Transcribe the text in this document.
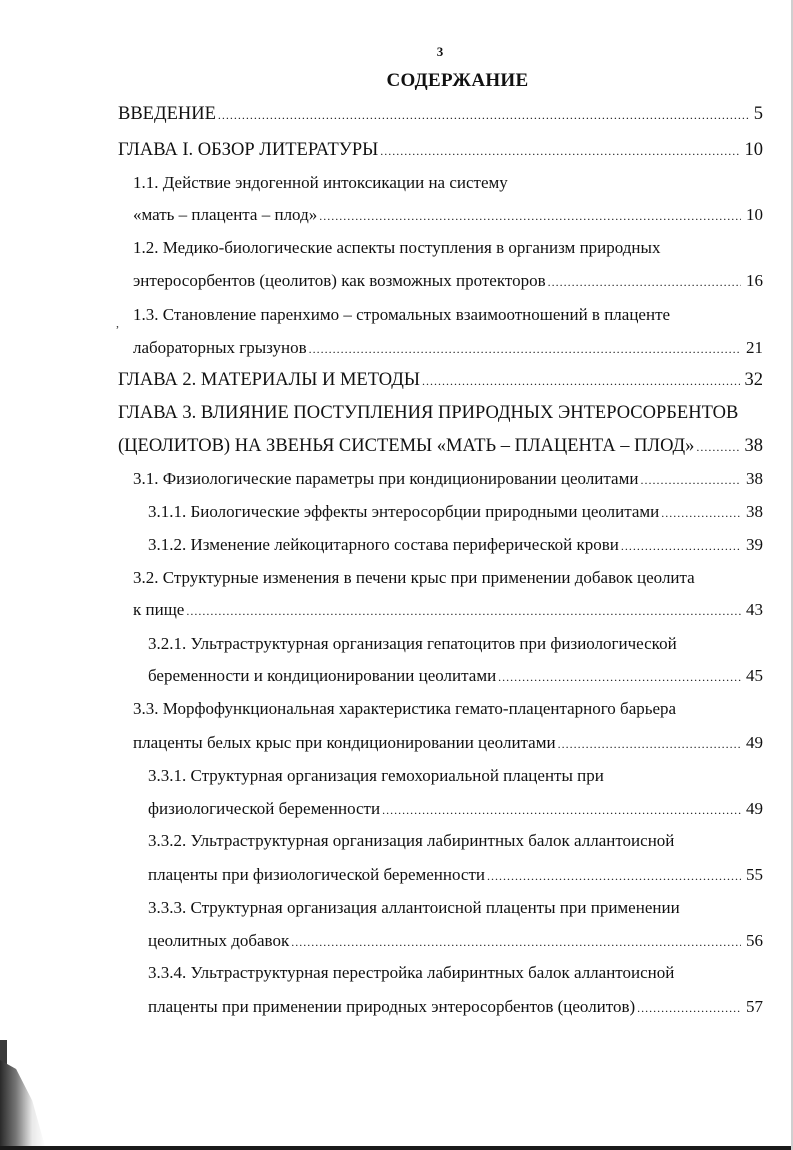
3
СОДЕРЖАНИЕ
ВВЕДЕНИЕ .....	5
ГЛАВА I. ОБЗОР ЛИТЕРАТУРЫ .....	10
1.1. Действие эндогенной интоксикации на систему
«мать – плацента – плод» .....	10
1.2. Медико-биологические аспекты поступления в организм природных
энтеросорбентов (цеолитов) как возможных протекторов .....	16
, 1.3. Становление паренхимо – стромальных взаимоотношений в плаценте
лабораторных грызунов .....	21
ГЛАВА 2. МАТЕРИАЛЫ И МЕТОДЫ .....	32
ГЛАВА 3. ВЛИЯНИЕ ПОСТУПЛЕНИЯ ПРИРОДНЫХ ЭНТЕРОСОРБЕНТОВ
(ЦЕОЛИТОВ) НА ЗВЕНЬЯ СИСТЕМЫ «МАТЬ – ПЛАЦЕНТА – ПЛОД» .....	38
3.1. Физиологические параметры при кондиционировании цеолитами .....	38
3.1.1. Биологические эффекты энтеросорбции природными цеолитами .....	38
3.1.2. Изменение лейкоцитарного состава периферической крови .....	39
3.2. Структурные изменения в печени крыс при применении добавок цеолита
к пище .....	43
3.2.1. Ультраструктурная организация гепатоцитов при физиологической
беременности и кондиционировании цеолитами .....	45
3.3. Морфофункциональная характеристика гемато-плацентарного барьера
плаценты белых крыс при кондиционировании цеолитами .....	49
3.3.1. Структурная организация гемохориальной плаценты при
физиологической беременности .....	49
3.3.2. Ультраструктурная организация лабиринтных балок аллантоисной
плаценты при физиологической беременности .....	55
3.3.3. Структурная организация аллантоисной плаценты при применении
цеолитных добавок .....	56
3.3.4. Ультраструктурная перестройка лабиринтных балок аллантоисной
плаценты при применении природных энтеросорбентов (цеолитов) .....	57
